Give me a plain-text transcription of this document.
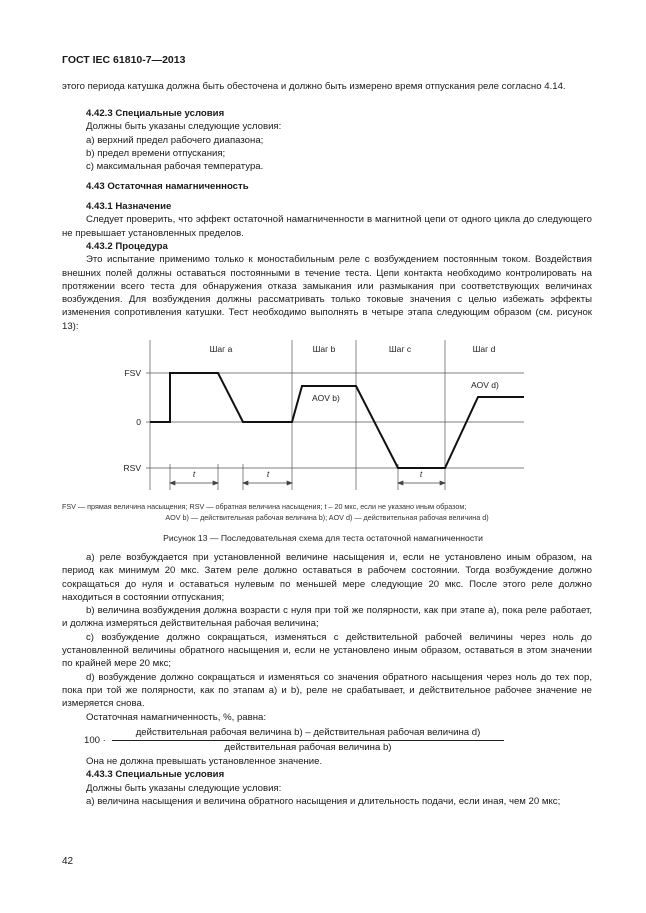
ГОСТ IEC 61810-7—2013
этого периода катушка должна быть обесточена и должно быть измерено время отпускания реле согласно 4.14.
4.42.3 Специальные условия
Должны быть указаны следующие условия:
a) верхний предел рабочего диапазона;
b) предел времени отпускания;
c) максимальная рабочая температура.
4.43 Остаточная намагниченность
4.43.1 Назначение
Следует проверить, что эффект остаточной намагниченности в магнитной цепи от одного цикла до следующего не превышает установленных пределов.
4.43.2 Процедура
Это испытание применимо только к моностабильным реле с возбуждением постоянным током. Воздействия внешних полей должны оставаться постоянными в течение теста. Цепи контакта необходимо контролировать на протяжении всего теста для обнаружения отказа замыкания или размыкания при соответствующих величинах возбуждения. Для возбуждения должны рассматривать только токовые значения с целью избежать эффекты изменения сопротивления катушки. Тест необходимо выполнять в четыре этапа следующим образом (см. рисунок 13):
FSV
0
RSV
Шаг a	Шаг b	Шаг c	Шаг d
AOV b)
AOV d)
t	t	t
FSV — прямая величина насыщения; RSV — обратная величина насыщения; t – 20 мкс, если не указано иным образом;
AOV b) — действительная рабочая величина b); AOV d) — действительная рабочая величина d)
Рисунок 13 — Последовательная схема для теста остаточной намагниченности
a) реле возбуждается при установленной величине насыщения и, если не установлено иным образом, на период как минимум 20 мкс. Затем реле должно оставаться в рабочем состоянии. Тогда возбуждение должно сокращаться до нуля и оставаться нулевым по меньшей мере следующие 20 мкс. После этого реле должно находиться в состоянии отпускания;
b) величина возбуждения должна возрасти с нуля при той же полярности, как при этапе a), пока реле работает, и должна измеряться действительная рабочая величина;
c) возбуждение должно сокращаться, изменяться с действительной рабочей величины через ноль до установленной величины обратного насыщения и, если не установлено иным образом, оставаться в этом значении по крайней мере 20 мкс;
d) возбуждение должно сокращаться и изменяться со значения обратного насыщения через ноль до тех пор, пока при той же полярности, как по этапам a) и b), реле не срабатывает, и действительное рабочее значение не измеряется снова.
Остаточная намагниченность, %, равна:
100 ·
действительная рабочая величина b) – действительная рабочая величина d)
действительная рабочая величина b)
Она не должна превышать установленное значение.
4.43.3 Специальные условия
Должны быть указаны следующие условия:
a) величина насыщения и величина обратного насыщения и длительность подачи, если иная, чем 20 мкс;
42
